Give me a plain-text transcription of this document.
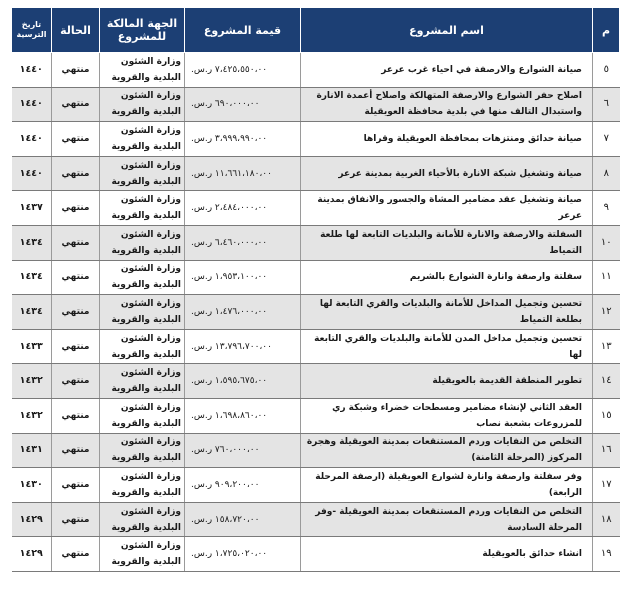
م	اسم المشروع	قيمة المشروع	الجهة المالكة للمشروع	الحالة	تاريخ الترسية
٥	صيانة الشوارع والارصفة في احياء غرب عرعر	٧،٤٢٥،٥٥٠،٠٠ ر.س.	وزارة الشئون البلدية والقروية	منتهي	١٤٤٠
٦	اصلاح حفر الشوارع والارصفة المتهالكة واصلاح أعمدة الانارة واستبدال التالف منها في بلدية محافظة العويقيلة	٦٩٠،٠٠٠،٠٠ ر.س.	وزارة الشئون البلدية والقروية	منتهي	١٤٤٠
٧	صيانة حدائق ومنتزهات بمحافظة العويقيلة وقراها	٣،٩٩٩،٩٩٠،٠٠ ر.س.	وزارة الشئون البلدية والقروية	منتهي	١٤٤٠
٨	صيانة وتشغيل شبكة الانارة بالأحياء الغربية بمدينة عرعر	١١،٦٦١،١٨٠،٠٠ ر.س.	وزارة الشئون البلدية والقروية	منتهي	١٤٤٠
٩	صيانة وتشغيل عقد مضامير المشاة والجسور والانفاق بمدينة عرعر	٢،٤٨٤،٠٠٠،٠٠ ر.س.	وزارة الشئون البلدية والقروية	منتهي	١٤٣٧
١٠	السفلتة والارصفة والانارة للأمانة والبلديات التابعة لها طلعة التمياط	٦،٤٦٠،٠٠٠،٠٠ ر.س.	وزارة الشئون البلدية والقروية	منتهي	١٤٣٤
١١	سفلتة وارصفة وانارة الشوارع بالشريم	١،٩٥٣،١٠٠،٠٠ ر.س.	وزارة الشئون البلدية والقروية	منتهي	١٤٣٤
١٢	تحسين وتجميل المداخل للأمانة والبلديات والقري التابعة لها بطلعة التمياط	١،٤٧٦،٠٠٠،٠٠ ر.س.	وزارة الشئون البلدية والقروية	منتهي	١٤٣٤
١٣	تحسين وتجميل مداخل المدن للأمانة والبلديات والقري التابعة لها	١٣،٧٩٦،٧٠٠،٠٠ ر.س.	وزارة الشئون البلدية والقروية	منتهي	١٤٣٣
١٤	تطوير المنطقة القديمة بالعويقيلة	١،٥٩٥،٦٧٥،٠٠ ر.س.	وزارة الشئون البلدية والقروية	منتهي	١٤٣٢
١٥	العقد الثاني لإنشاء مضامير ومسطحات خضراء وشبكة ري للمزروعات بشعبة نصاب	١،٦٩٨،٨٦٠،٠٠ ر.س.	وزارة الشئون البلدية والقروية	منتهي	١٤٣٢
١٦	التخلص من النفايات وردم المستنقعات بمدينة العويقيلة وهجرة المركوز (المرحلة الثامنة)	٧٦٠،٠٠٠،٠٠ ر.س.	وزارة الشئون البلدية والقروية	منتهي	١٤٣١
١٧	وفر سفلتة وارصفة وانارة لشوارع العويقيلة (ارصفة المرحلة الرابعة)	٩٠٩،٢٠٠،٠٠ ر.س.	وزارة الشئون البلدية والقروية	منتهي	١٤٣٠
١٨	التخلص من النفايات وردم المستنقعات بمدينة العويقيلة -وفر المرحلة السادسة	١٥٨،٧٢٠،٠٠ ر.س.	وزارة الشئون البلدية والقروية	منتهي	١٤٢٩
١٩	انشاء حدائق بالعويقيلة	١،٧٢٥،٠٢٠،٠٠ ر.س.	وزارة الشئون البلدية والقروية	منتهي	١٤٢٩
